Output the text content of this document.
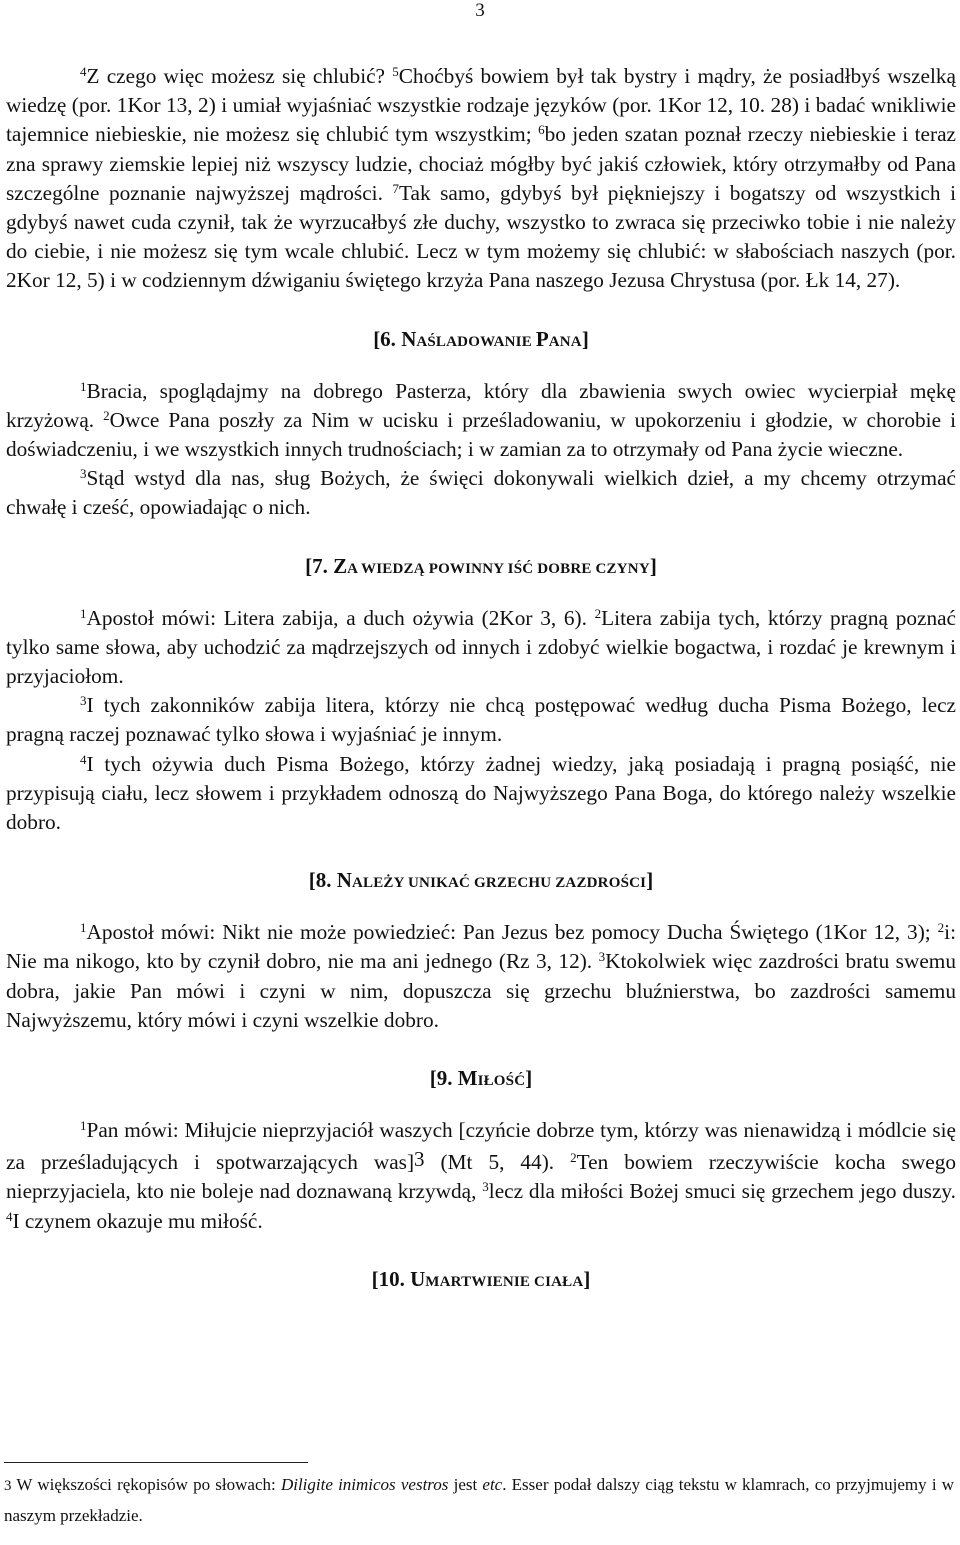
3

$^4$Z czego więc możesz się chlubić? $^5$Choćbyś bowiem był tak bystry i mądry, że posiadłbyś wszelką wiedzę (por. 1Kor 13, 2) i umiał wyjaśniać wszystkie rodzaje języków (por. 1Kor 12, 10. 28) i badać wnikliwie tajemnice niebieskie, nie możesz się chlubić tym wszystkim; $^6$bo jeden szatan poznał rzeczy niebieskie i teraz zna sprawy ziemskie lepiej niż wszyscy ludzie, chociaż mógłby być jakiś człowiek, który otrzymałby od Pana szczególne poznanie najwyższej mądrości. $^7$Tak samo, gdybyś był piękniejszy i bogatszy od wszystkich i gdybyś nawet cuda czynił, tak że wyrzucałbyś złe duchy, wszystko to zwraca się przeciwko tobie i nie należy do ciebie, i nie możesz się tym wcale chlubić. Lecz w tym możemy się chlubić: w słabościach naszych (por. 2Kor 12, 5) i w codziennym dźwiganiu świętego krzyża Pana naszego Jezusa Chrystusa (por. Łk 14, 27).

[6. NAŚLADOWANIE PANA]

$^1$Bracia, spoglądajmy na dobrego Pasterza, który dla zbawienia swych owiec wycierpiał mękę krzyżową. $^2$Owce Pana poszły za Nim w ucisku i prześladowaniu, w upokorzeniu i głodzie, w chorobie i doświadczeniu, i we wszystkich innych trudnościach; i w zamian za to otrzymały od Pana życie wieczne.

$^3$Stąd wstyd dla nas, sług Bożych, że święci dokonywali wielkich dzieł, a my chcemy otrzymać chwałę i cześć, opowiadając o nich.

[7. ZA WIEDZĄ POWINNY IŚĆ DOBRE CZYNY]

$^1$Apostoł mówi: Litera zabija, a duch ożywia (2Kor 3, 6). $^2$Litera zabija tych, którzy pragną poznać tylko same słowa, aby uchodzić za mądrzejszych od innych i zdobyć wielkie bogactwa, i rozdać je krewnym i przyjaciołom.

$^3$I tych zakonników zabija litera, którzy nie chcą postępować według ducha Pisma Bożego, lecz pragną raczej poznawać tylko słowa i wyjaśniać je innym.

$^4$I tych ożywia duch Pisma Bożego, którzy żadnej wiedzy, jaką posiadają i pragną posiąść, nie przypisują ciału, lecz słowem i przykładem odnoszą do Najwyższego Pana Boga, do którego należy wszelkie dobro.

[8. NALEŻY UNIKAĆ GRZECHU ZAZDROŚCI]

$^1$Apostoł mówi: Nikt nie może powiedzieć: Pan Jezus bez pomocy Ducha Świętego (1Kor 12, 3); $^2$i: Nie ma nikogo, kto by czynił dobro, nie ma ani jednego (Rz 3, 12). $^3$Ktokolwiek więc zazdrości bratu swemu dobra, jakie Pan mówi i czyni w nim, dopuszcza się grzechu bluźnierstwa, bo zazdrości samemu Najwyższemu, który mówi i czyni wszelkie dobro.

[9. MIŁOŚĆ]

$^1$Pan mówi: Miłujcie nieprzyjaciół waszych [czyńcie dobrze tym, którzy was nienawidzą i módlcie się za prześladujących i spotwarzających was]3 (Mt 5, 44). $^2$Ten bowiem rzeczywiście kocha swego nieprzyjaciela, kto nie boleje nad doznawaną krzywdą, $^3$lecz dla miłości Bożej smuci się grzechem jego duszy. $^4$I czynem okazuje mu miłość.

[10. UMARTWIENIE CIAŁA]
3 W większości rękopisów po słowach: Diligite inimicos vestros jest etc. Esser podał dalszy ciąg tekstu w klamrach, co przyjmujemy i w naszym przekładzie.
